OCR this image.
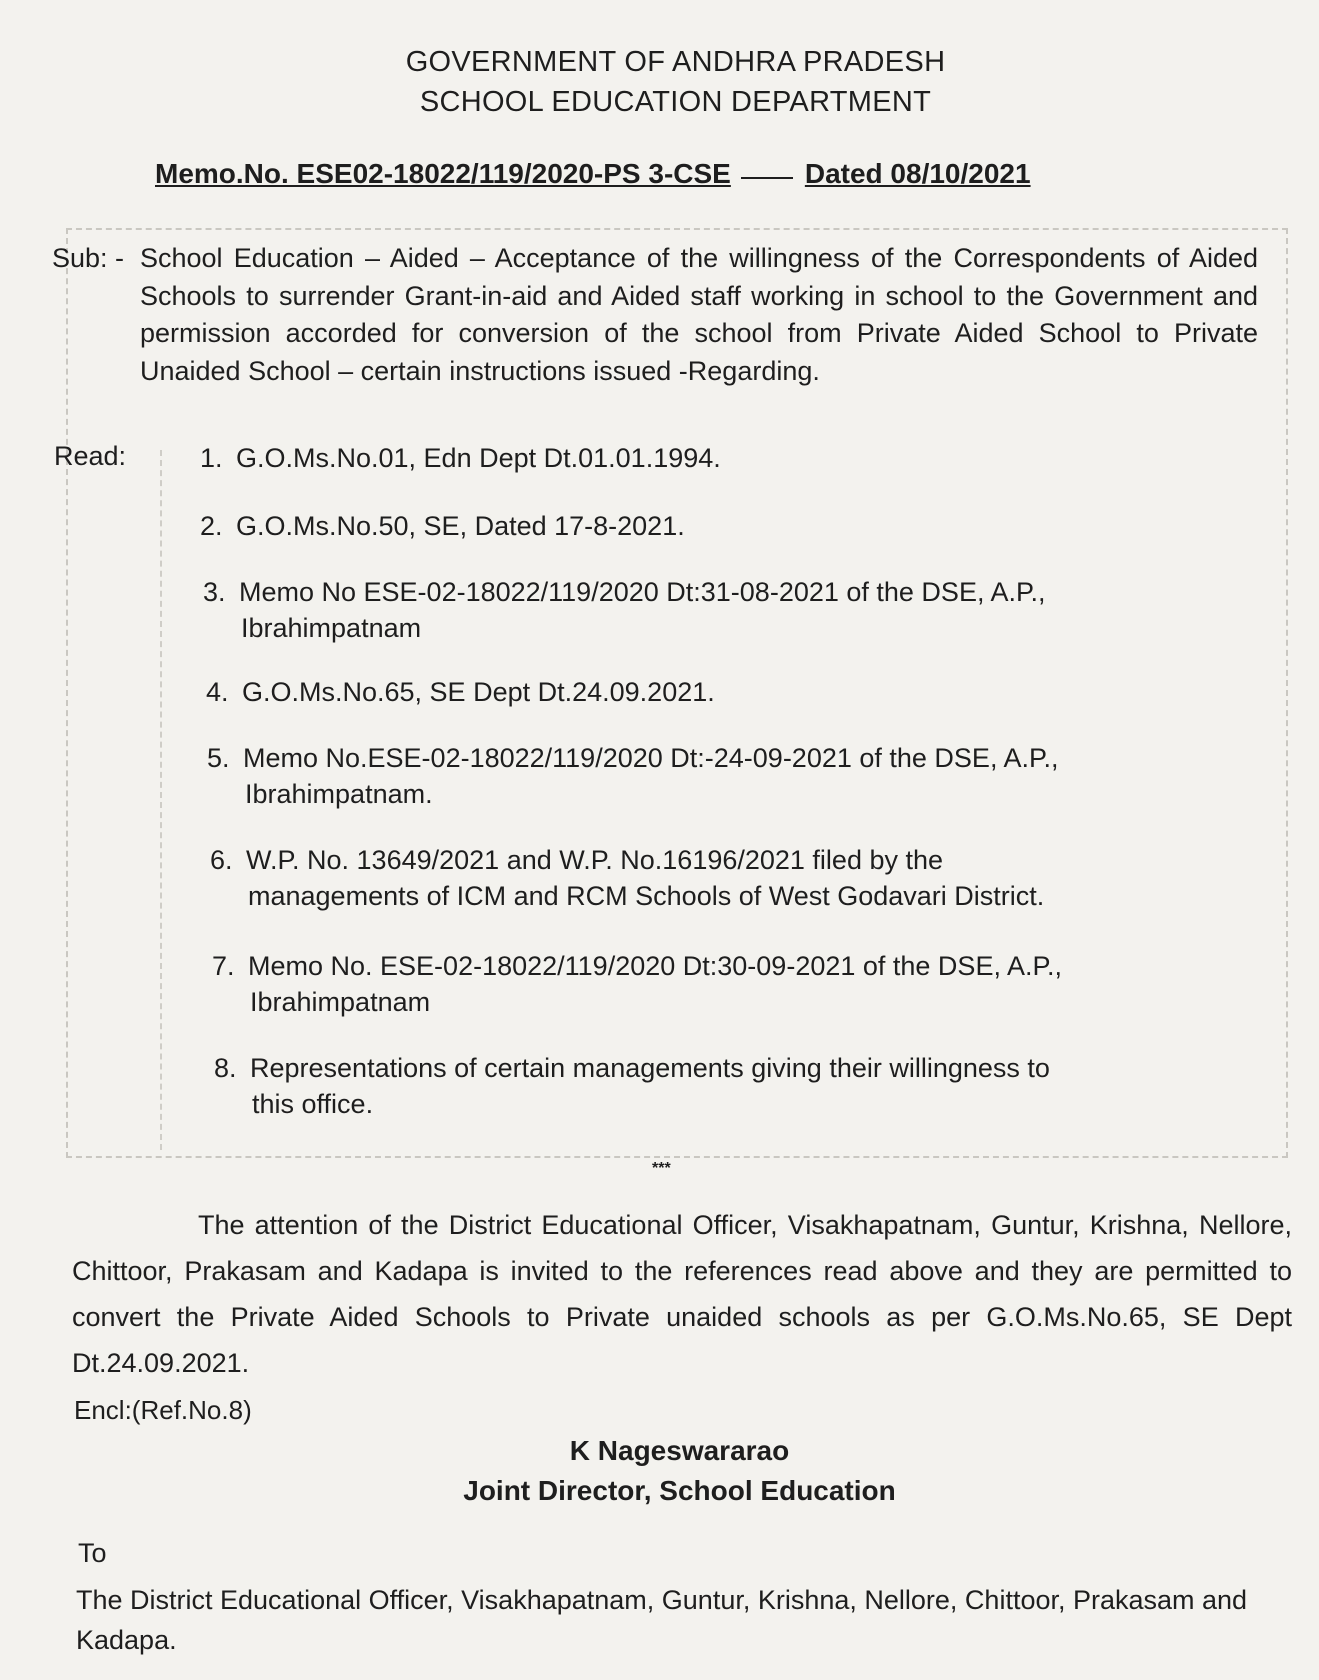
GOVERNMENT OF ANDHRA PRADESH
SCHOOL EDUCATION DEPARTMENT
Memo.No. ESE02-18022/119/2020-PS 3-CSE	Dated 08/10/2021
Sub: - School Education – Aided – Acceptance of the willingness of the Correspondents of Aided Schools to surrender Grant-in-aid and Aided staff working in school to the Government and permission accorded for conversion of the school from Private Aided School to Private Unaided School – certain instructions issued -Regarding.
Read:	1. G.O.Ms.No.01, Edn Dept Dt.01.01.1994.
2. G.O.Ms.No.50, SE, Dated 17-8-2021.
3. Memo No ESE-02-18022/119/2020 Dt:31-08-2021 of the DSE, A.P.,
Ibrahimpatnam
4. G.O.Ms.No.65, SE Dept Dt.24.09.2021.
5. Memo No.ESE-02-18022/119/2020 Dt:-24-09-2021 of the DSE, A.P.,
Ibrahimpatnam.
6. W.P. No. 13649/2021 and W.P. No.16196/2021 filed by the
managements of ICM and RCM Schools of West Godavari District.
7. Memo No. ESE-02-18022/119/2020 Dt:30-09-2021 of the DSE, A.P.,
Ibrahimpatnam
8. Representations of certain managements giving their willingness to
this office.
***
The attention of the District Educational Officer, Visakhapatnam, Guntur, Krishna, Nellore, Chittoor, Prakasam and Kadapa is invited to the references read above and they are permitted to convert the Private Aided Schools to Private unaided schools as per G.O.Ms.No.65, SE Dept Dt.24.09.2021.
Encl:(Ref.No.8)
K Nageswararao
Joint Director, School Education
To
The District Educational Officer, Visakhapatnam, Guntur, Krishna, Nellore, Chittoor, Prakasam and Kadapa.
